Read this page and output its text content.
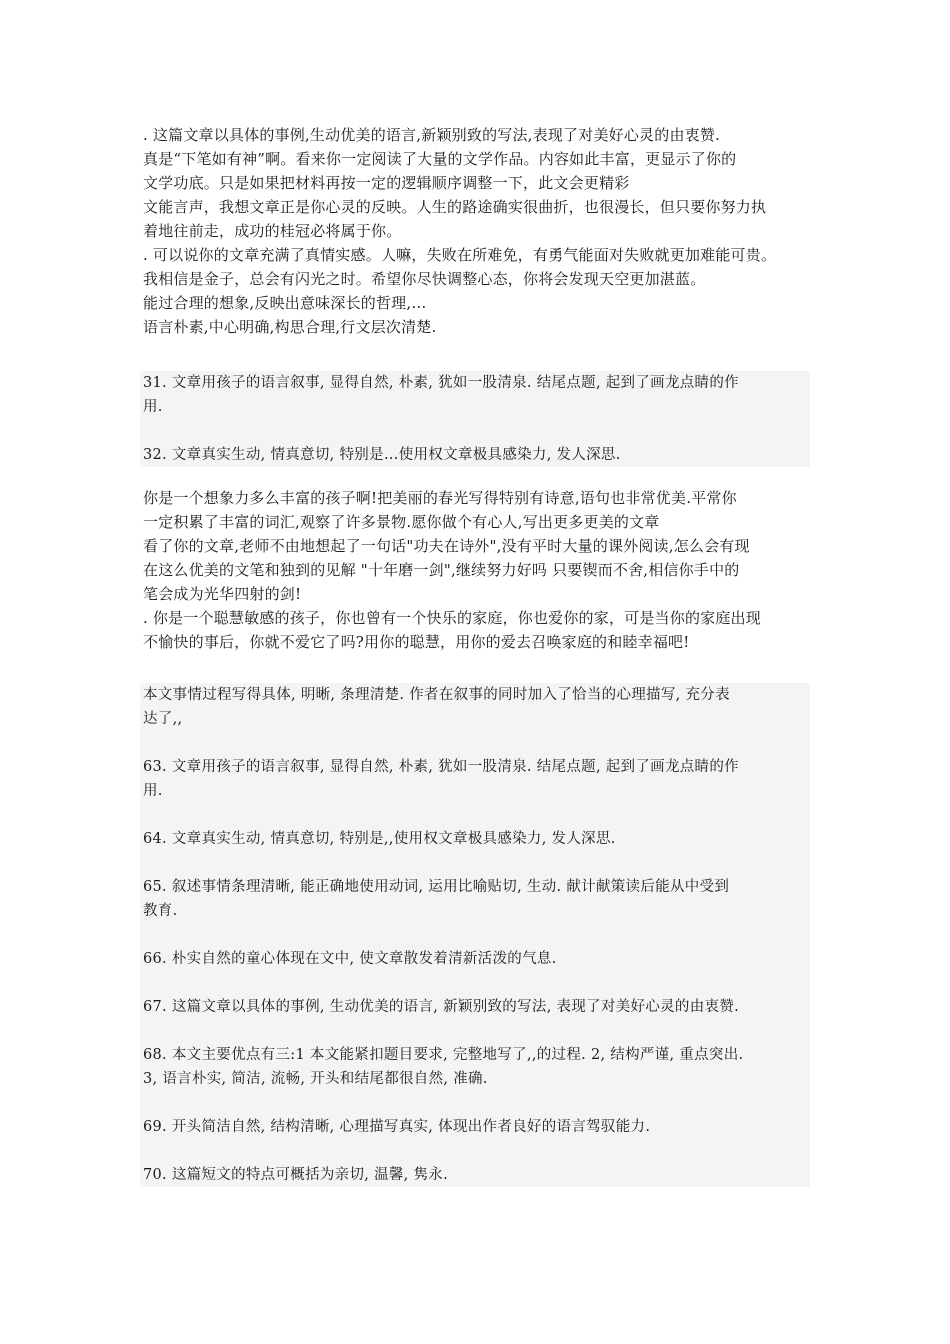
. 这篇文章以具体的事例,生动优美的语言,新颖别致的写法,表现了对美好心灵的由衷赞.
真是“下笔如有神”啊。看来你一定阅读了大量的文学作品。内容如此丰富，更显示了你的
文学功底。只是如果把材料再按一定的逻辑顺序调整一下，此文会更精彩
文能言声，我想文章正是你心灵的反映。人生的路途确实很曲折，也很漫长，但只要你努力执
着地往前走，成功的桂冠必将属于你。
. 可以说你的文章充满了真情实感。人嘛，失败在所难免，有勇气能面对失败就更加难能可贵。
我相信是金子，总会有闪光之时。希望你尽快调整心态，你将会发现天空更加湛蓝。
能过合理的想象,反映出意味深长的哲理,…
语言朴素,中心明确,构思合理,行文层次清楚.
31. 文章用孩子的语言叙事, 显得自然, 朴素, 犹如一股清泉. 结尾点题, 起到了画龙点睛的作
用.
32. 文章真实生动, 情真意切, 特别是…使用权文章极具感染力, 发人深思.
你是一个想象力多么丰富的孩子啊!把美丽的春光写得特别有诗意,语句也非常优美.平常你
一定积累了丰富的词汇,观察了许多景物.愿你做个有心人,写出更多更美的文章
看了你的文章,老师不由地想起了一句话"功夫在诗外",没有平时大量的课外阅读,怎么会有现
在这么优美的文笔和独到的见解 "十年磨一剑",继续努力好吗 只要锲而不舍,相信你手中的
笔会成为光华四射的剑!
. 你是一个聪慧敏感的孩子，你也曾有一个快乐的家庭，你也爱你的家，可是当你的家庭出现
不愉快的事后，你就不爱它了吗?用你的聪慧，用你的爱去召唤家庭的和睦幸福吧!
本文事情过程写得具体, 明晰, 条理清楚. 作者在叙事的同时加入了恰当的心理描写, 充分表
达了,,
63. 文章用孩子的语言叙事, 显得自然, 朴素, 犹如一股清泉. 结尾点题, 起到了画龙点睛的作
用.
64. 文章真实生动, 情真意切, 特别是,,使用权文章极具感染力, 发人深思.
65. 叙述事情条理清晰, 能正确地使用动词, 运用比喻贴切, 生动. 献计献策读后能从中受到
教育.
66. 朴实自然的童心体现在文中, 使文章散发着清新活泼的气息.
67. 这篇文章以具体的事例, 生动优美的语言, 新颖别致的写法, 表现了对美好心灵的由衷赞.
68. 本文主要优点有三:1 本文能紧扣题目要求, 完整地写了,,的过程. 2, 结构严谨, 重点突出.
3, 语言朴实, 简洁, 流畅, 开头和结尾都很自然, 准确.
69. 开头简洁自然, 结构清晰, 心理描写真实, 体现出作者良好的语言驾驭能力.
70. 这篇短文的特点可概括为亲切, 温馨, 隽永.
